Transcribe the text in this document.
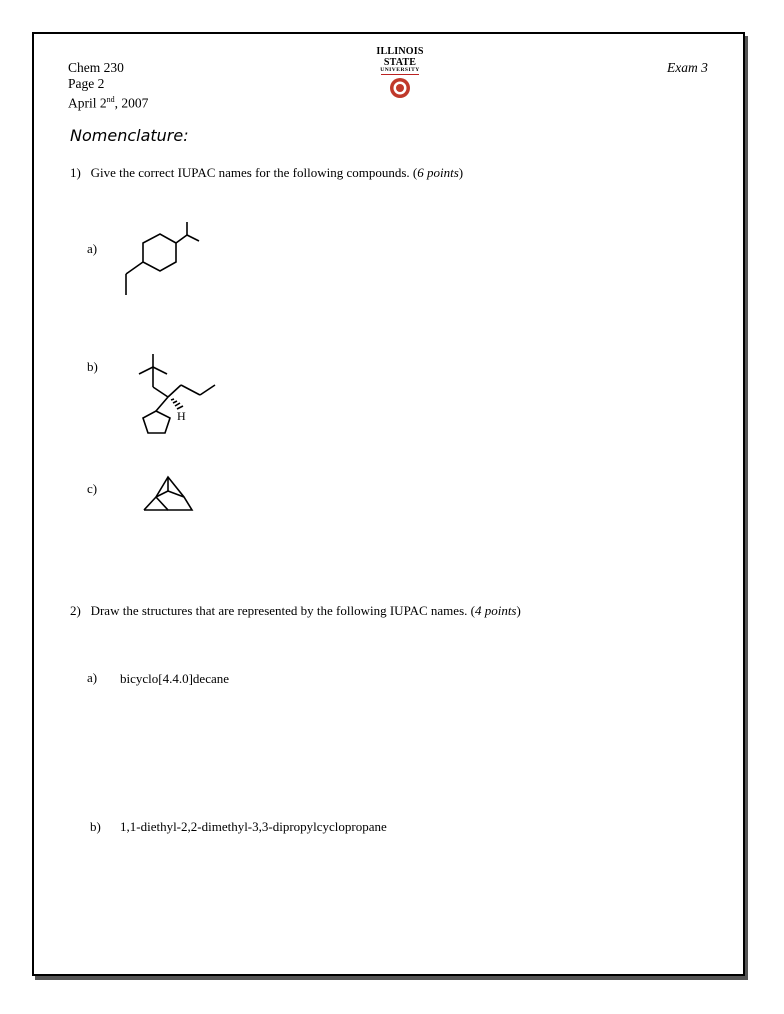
Chem 230
Page 2
April 2nd, 2007
ILLINOIS STATE
UNIVERSITY	Exam 3
Nomenclature:
1) Give the correct IUPAC names for the following compounds. (6 points)
a)
b)
H
c)
2) Draw the structures that are represented by the following IUPAC names. (4 points)
a) bicyclo[4.4.0]decane
b) 1,1-diethyl-2,2-dimethyl-3,3-dipropylcyclopropane
